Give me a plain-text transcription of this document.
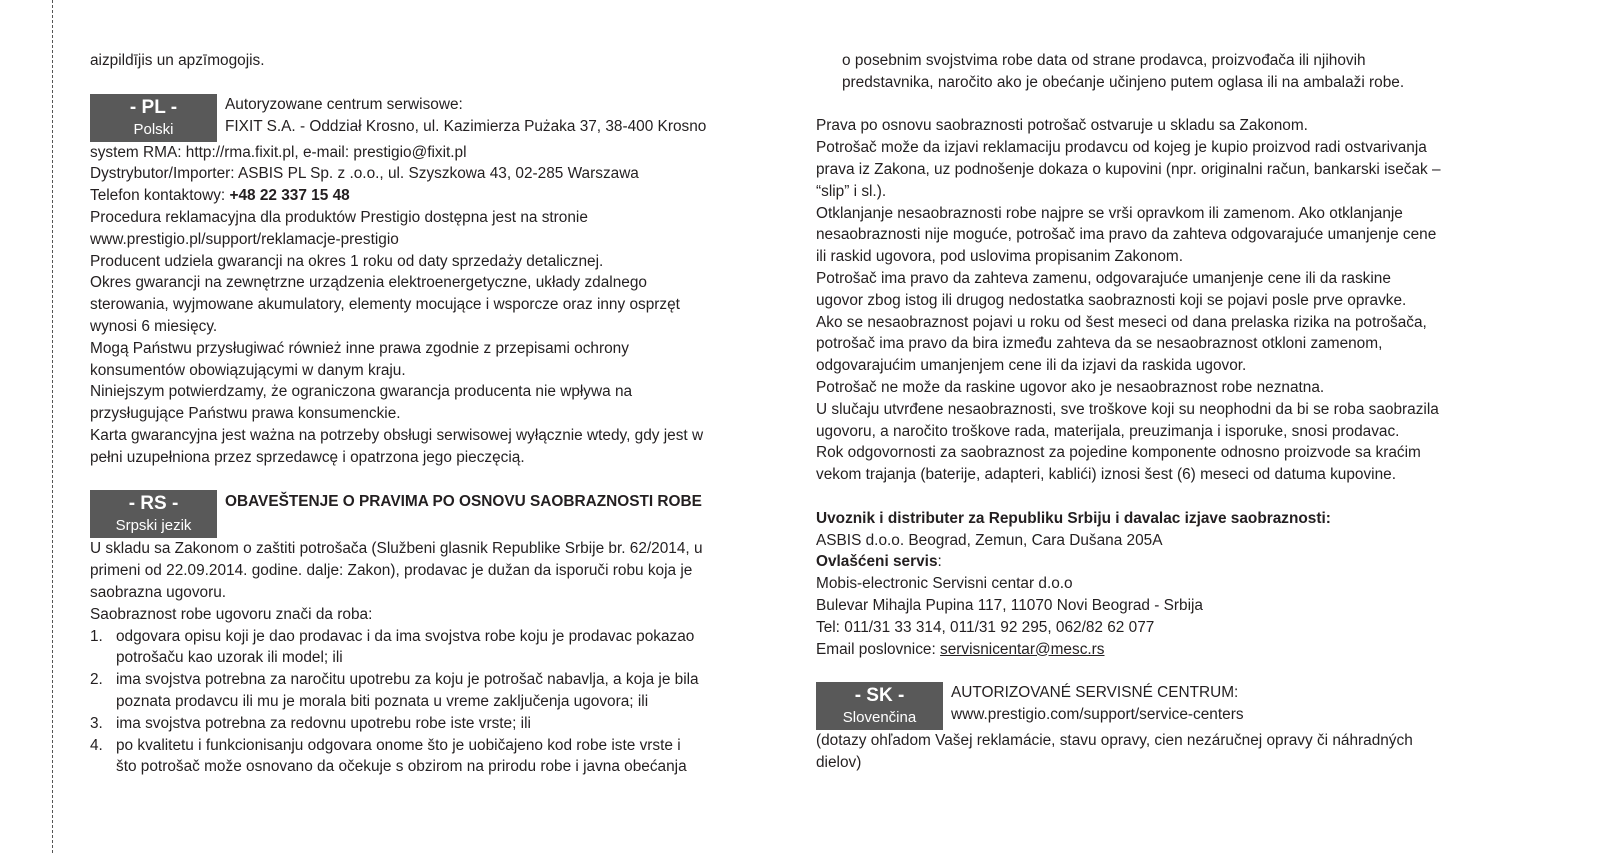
aizpildījis un apzīmogojis.

- PL -
Polski

Autoryzowane centrum serwisowe:

FIXIT S.A. - Oddział Krosno, ul. Kazimierza Pużaka 37, 38-400 Krosno

system RMA: http://rma.fixit.pl, e-mail: prestigio@fixit.pl

Dystrybutor/Importer: ASBIS PL Sp. z .o.o., ul. Szyszkowa 43, 02-285 Warszawa

Telefon kontaktowy: +48 22 337 15 48

Procedura reklamacyjna dla produktów Prestigio dostępna jest na stronie

www.prestigio.pl/support/reklamacje-prestigio

Producent udziela gwarancji na okres 1 roku od daty sprzedaży detalicznej.

Okres gwarancji na zewnętrzne urządzenia elektroenergetyczne, układy zdalnego

sterowania, wyjmowane akumulatory, elementy mocujące i wsporcze oraz inny osprzęt

wynosi 6 miesięcy.

Mogą Państwu przysługiwać również inne prawa zgodnie z przepisami ochrony

konsumentów obowiązującymi w danym kraju.

Niniejszym potwierdzamy, że ograniczona gwarancja producenta nie wpływa na

przysługujące Państwu prawa konsumenckie.

Karta gwarancyjna jest ważna na potrzeby obsługi serwisowej wyłącznie wtedy, gdy jest w

pełni uzupełniona przez sprzedawcę i opatrzona jego pieczęcią.

- RS -
Srpski jezik

OBAVEŠTENJE O PRAVIMA PO OSNOVU SAOBRAZNOSTI ROBE

U skladu sa Zakonom o zaštiti potrošača (Službeni glasnik Republike Srbije br. 62/2014, u

primeni od 22.09.2014. godine. dalje: Zakon), prodavac je dužan da isporuči robu koja je

saobrazna ugovoru.

Saobraznost robe ugovoru znači da roba:

1. odgovara opisu koji je dao prodavac i da ima svojstva robe koju je prodavac pokazao

potrošaču kao uzorak ili model; ili

2. ima svojstva potrebna za naročitu upotrebu za koju je potrošač nabavlja, a koja je bila

poznata prodavcu ili mu je morala biti poznata u vreme zaključenja ugovora; ili

3. ima svojstva potrebna za redovnu upotrebu robe iste vrste; ili

4. po kvalitetu i funkcionisanju odgovara onome što je uobičajeno kod robe iste vrste i

što potrošač može osnovano da očekuje s obzirom na prirodu robe i javna obećanja

o posebnim svojstvima robe data od strane prodavca, proizvođača ili njihovih

predstavnika, naročito ako je obećanje učinjeno putem oglasa ili na ambalaži robe.

Prava po osnovu saobraznosti potrošač ostvaruje u skladu sa Zakonom.

Potrošač može da izjavi reklamaciju prodavcu od kojeg je kupio proizvod radi ostvarivanja

prava iz Zakona, uz podnošenje dokaza o kupovini (npr. originalni račun, bankarski isečak –

“slip” i sl.).

Otklanjanje nesaobraznosti robe najpre se vrši opravkom ili zamenom. Ako otklanjanje

nesaobraznosti nije moguće, potrošač ima pravo da zahteva odgovarajuće umanjenje cene

ili raskid ugovora, pod uslovima propisanim Zakonom.

Potrošač ima pravo da zahteva zamenu, odgovarajuće umanjenje cene ili da raskine

ugovor zbog istog ili drugog nedostatka saobraznosti koji se pojavi posle prve opravke.

Ako se nesaobraznost pojavi u roku od šest meseci od dana prelaska rizika na potrošača,

potrošač ima pravo da bira između zahteva da se nesaobraznost otkloni zamenom,

odgovarajućim umanjenjem cene ili da izjavi da raskida ugovor.

Potrošač ne može da raskine ugovor ako je nesaobraznost robe neznatna.

U slučaju utvrđene nesaobraznosti, sve troškove koji su neophodni da bi se roba saobrazila

ugovoru, a naročito troškove rada, materijala, preuzimanja i isporuke, snosi prodavac.

Rok odgovornosti za saobraznost za pojedine komponente odnosno proizvode sa kraćim

vekom trajanja (baterije, adapteri, kablići) iznosi šest (6) meseci od datuma kupovine.

Uvoznik i distributer za Republiku Srbiju i davalac izjave saobraznosti:

ASBIS d.o.o. Beograd, Zemun, Cara Dušana 205A

Ovlašćeni servis:

Mobis-electronic Servisni centar d.o.o

Bulevar Mihajla Pupina 117, 11070 Novi Beograd - Srbija

Tel: 011/31 33 314, 011/31 92 295, 062/82 62 077

Email poslovnice: servisnicentar@mesc.rs

- SK -
Slovenčina

AUTORIZOVANÉ SERVISNÉ CENTRUM:

www.prestigio.com/support/service-centers

(dotazy ohľadom Vašej reklamácie, stavu opravy, cien nezáručnej opravy či náhradných

dielov)
